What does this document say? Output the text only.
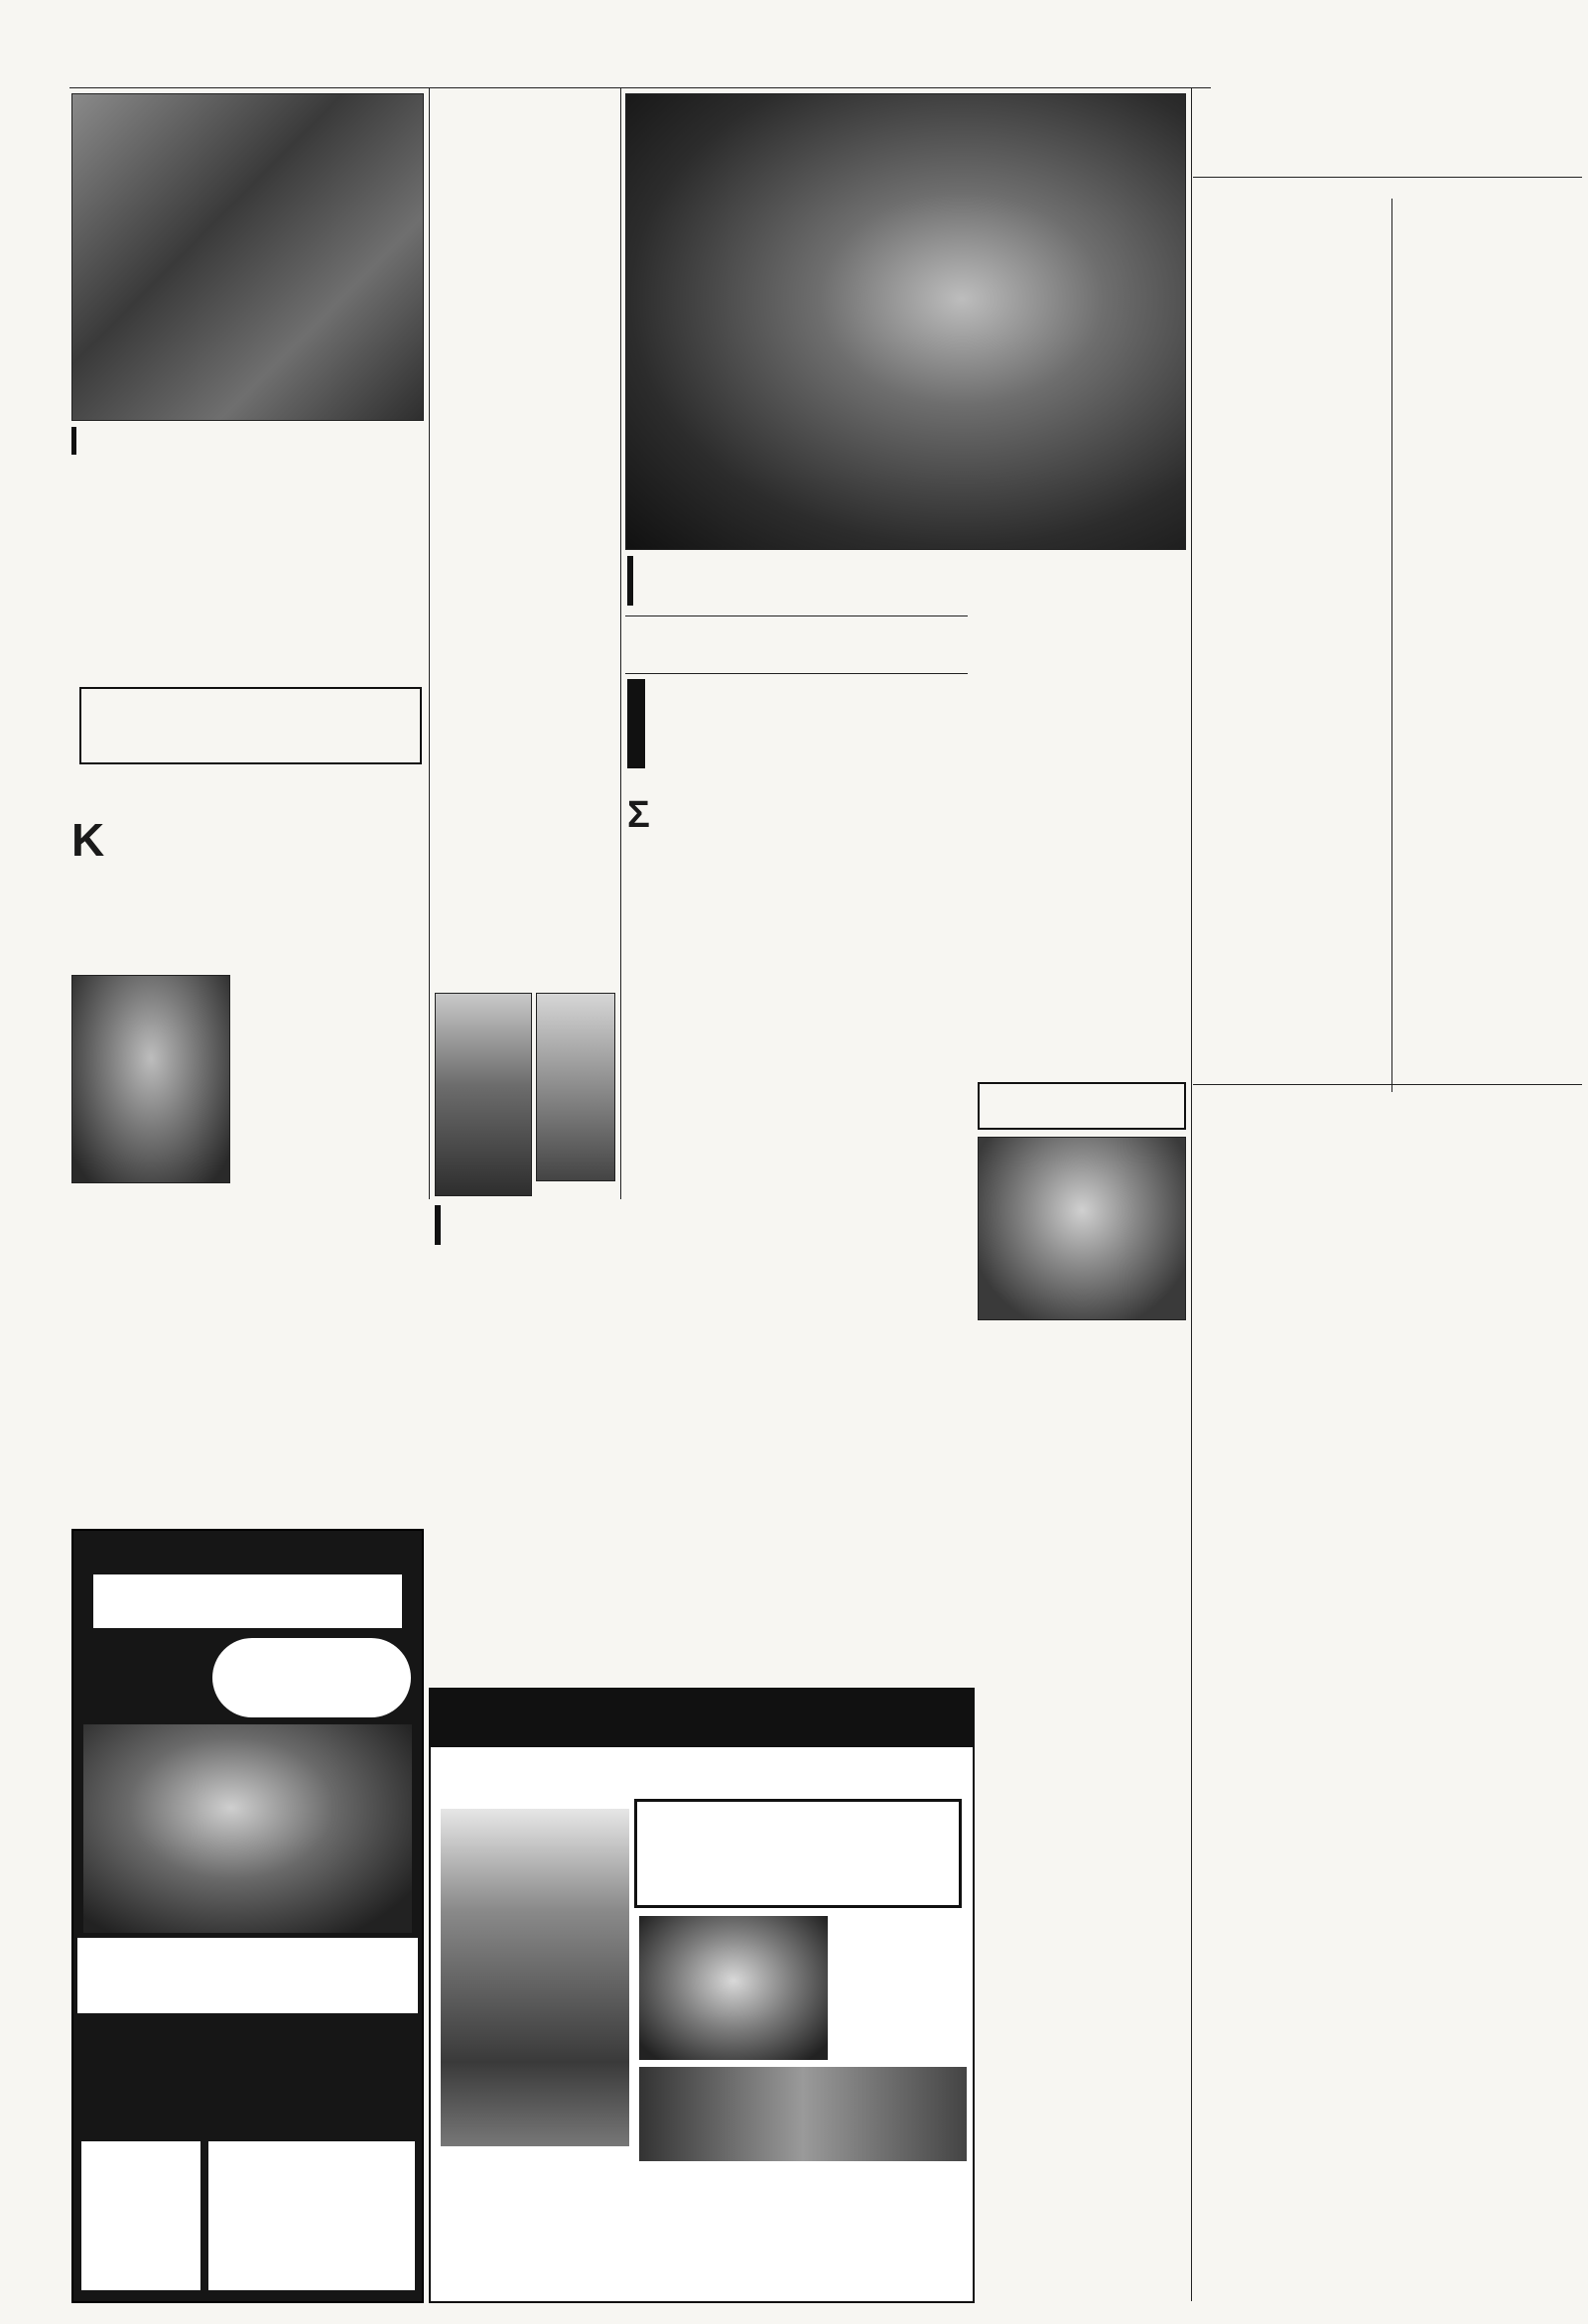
Κ	Σ
